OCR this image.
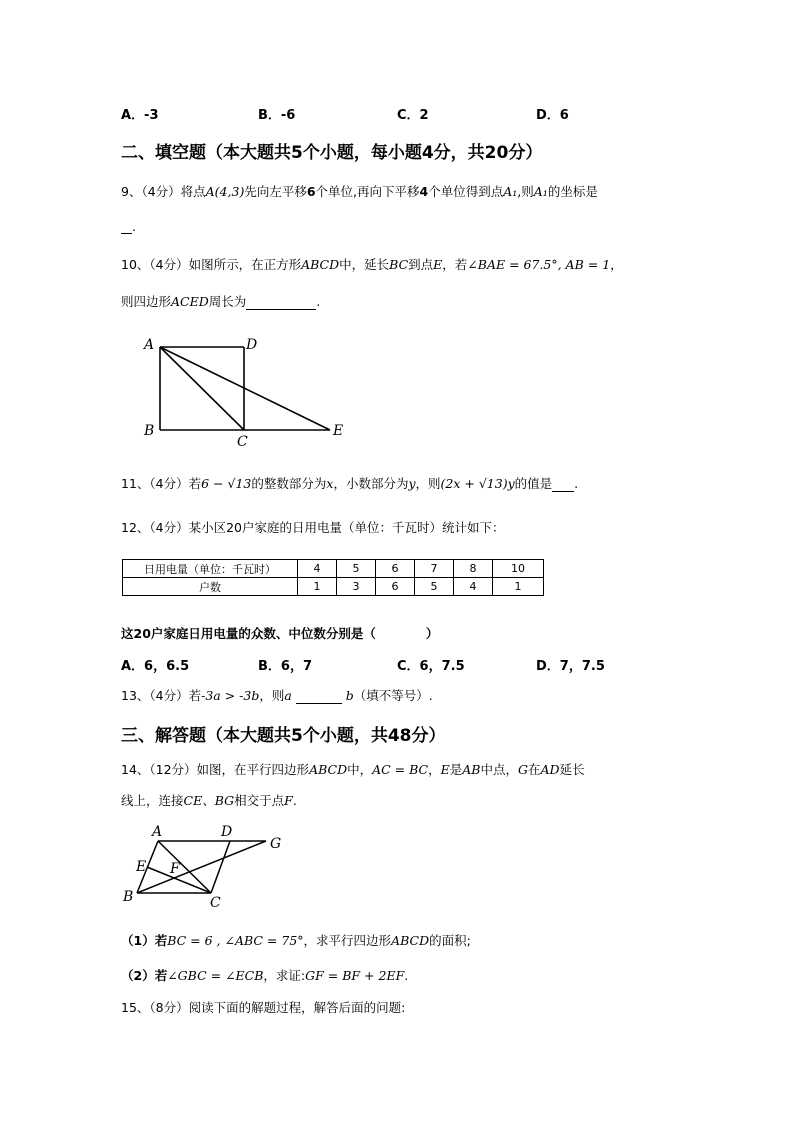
A．-3	B．-6	C．2	D．6
二、填空题（本大题共5个小题，每小题4分，共20分）
9、（4分）将点A(4,3)先向左平移6个单位,再向下平移4个单位得到点A₁,则A₁的坐标是
.
10、（4分）如图所示，在正方形ABCD中，延长BC到点E，若∠BAE = 67.5°, AB = 1，
则四边形ACED周长为	.
A	D
B
C
E
11、（4分）若6 − √13的整数部分为x，小数部分为y，则(2x + √13)y的值是 .
12、（4分）某小区20户家庭的日用电量（单位：千瓦时）统计如下：
日用电量（单位：千瓦时）	4	5	6	7	8	10
户数	1	3	6	5	4	1
这20户家庭日用电量的众数、中位数分别是（　　　　）
A．6，6.5	B．6，7	C．6，7.5	D．7，7.5
13、（4分）若-3a > -3b，则a	b（填不等号）.
三、解答题（本大题共5个小题，共48分）
14、（12分）如图，在平行四边形ABCD中，AC = BC，E是AB中点，G在AD延长
线上，连接CE、BG相交于点F.
A	D
G
E F
B	C
（1）若BC = 6 , ∠ABC = 75°，求平行四边形ABCD的面积;
（2）若∠GBC = ∠ECB，求证:GF = BF + 2EF.
15、（8分）阅读下面的解题过程，解答后面的问题:
